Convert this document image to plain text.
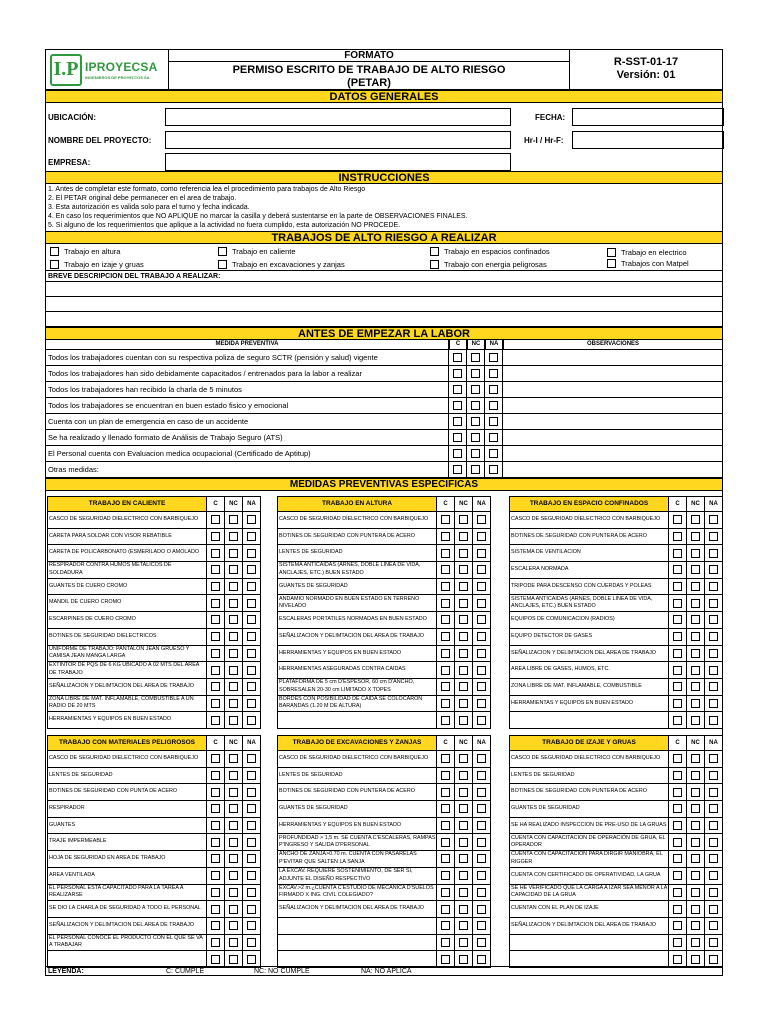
I.P IPROYECSA
INGENIEROS DE PROYECTOS SA
FORMATO
PERMISO ESCRITO DE TRABAJO DE ALTO RIESGO
(PETAR)
R-SST-01-17
Versión: 01
DATOS GENERALES
UBICACIÓN:	FECHA:
NOMBRE DEL PROYECTO:	Hr-I / Hr-F:
EMPRESA:
INSTRUCCIONES
1. Antes de completar este formato, como referencia lea el procedimiento para trabajos de Alto Riesgo
2. El PETAR original debe permanecer en el area de trabajo.
3. Esta autorización es valida solo para el turno y fecha indicada.
4. En caso los requerimientos que NO APLIQUE no marcar la casilla y deberá sustentarse en la parte de OBSERVACIONES FINALES.
5. Si alguno de los requerimientos que aplique a la actividad no fuera cumplido, esta autorización NO PROCEDE.
TRABAJOS DE ALTO RIESGO A REALIZAR
Trabajo en altura	Trabajo en caliente	Trabajo en espacios confinados	Trabajo en electrico
Trabajo en izaje y gruas	Trabajo en excavaciones y zanjas	Trabajo con energia peligrosas	Trabajos con Matpel
BREVE DESCRIPCION DEL TRABAJO A REALIZAR:
ANTES DE EMPEZAR LA LABOR
MEDIDA PREVENTIVA	C	NC	NA	OBSERVACIONES
Todos los trabajadores cuentan con su respectiva poliza de seguro SCTR (pensión y salud) vigente
Todos los trabajadores han sido debidamente capacitados / entrenados para la labor a realizar
Todos los trabajadores han recibido la charla de 5 minutos
Todos los trabajadores se encuentran en buen estado fisico y emocional
Cuenta con un plan de emergencia en caso de un accidente
Se ha realizado y llenado formato de Análisis de Trabajo Seguro (ATS)
El Personal cuenta con Evaluacion medica ocupacional (Certificado de Aptitup)
Otras medidas:
MEDIDAS PREVENTIVAS ESPECIFICAS
TRABAJO EN CALIENTE	C	NC	NA
CASCO DE SEGURIDAD DIELECTRICO CON BARBIQUEJO
CARETA PARA SOLDAR CON VISOR REBATIBLE
CARETA DE POLICARBONATO (ESMERILADO O AMOLADO
RESPIRADOR CONTRA HUMOS METALICOS DE SOLDADURA
GUANTES DE CUERO CROMO
MANDIL DE CUERO CROMO
ESCARPINES DE CUERO CROMO
BOTINES DE SEGURIDAD DIELECTRICOS
UNIFORME DE TRABAJO: PANTALON JEAN GRUESO Y CAMISA JEAN MANGA LARGA
EXTINTOR DE PQS DE 6 KG UBICADO A 02 MTS DEL AREA DE TRABAJO
SEÑALIZACION Y DELIMTACION DEL AREA DE TRABAJO
ZONA LIBRE DE MAT. INFLAMABLE, COMBUSTIBLE A UN RADIO DE 20 MTS
HERRAMIENTAS Y EQUIPOS EN BUEN ESTADO
TRABAJO EN ALTURA	C	NC	NA
CASCO DE SEGURIDAD DIELECTRICO CON BARBIQUEJO
BOTINES DE SEGURIDAD CON PUNTERA DE ACERO
LENTES DE SEGURIDAD
SISTEMA ANTICAIDAS (ARNES, DOBLE LINEA DE VIDA, ANCLAJES, ETC.) BUEN ESTADO
GUANTES DE SEGURIDAD
ANDAMIO NORMADO EN BUEN ESTADO EN TERRENO NIVELADO
ESCALERAS PORTATILES NORMADAS EN BUEN ESTADO
SEÑALIZACION Y DELIMTACION DEL AREA DE TRABAJO
HERRAMIENTAS Y EQUIPOS EN BUEN ESTADO
HERRAMIENTAS ASEGURADAS CONTRA CAIDAS
PLATAFORMA DE 5 cm D'ESPESOR, 60 cm D'ANCHO, SOBRESALEN 20-30 cm LIMITADO X TOPES
BORDES CON POSIBILIDAD DE CAIDA SE COLOCARON BARANDAS (1.20 M DE ALTURA)
TRABAJO EN ESPACIO CONFINADOS	C	NC	NA
CASCO DE SEGURIDAD DIELECTRICO CON BARBIQUEJO
BOTINES DE SEGURIDAD CON PUNTERA DE ACERO
SISTEMA DE VENTILACION
ESCALERA NORMADA
TRIPODE PARA DESCENSO CON CUERDAS Y POLEAS
SISTEMA ANTICAIDAS (ARNES, DOBLE LINEA DE VIDA, ANCLAJES, ETC.) BUEN ESTADO
EQUIPOS DE COMUNICACION (RADIOS)
EQUIPO DETECTOR DE GASES
SEÑALIZACION Y DELIMTACION DEL AREA DE TRABAJO
AREA LIBRE DE GASES, HUMOS, ETC.
ZONA LIBRE DE MAT. INFLAMABLE, COMBUSTIBLE
HERRAMIENTAS Y EQUIPOS EN BUEN ESTADO
TRABAJO CON MATERIALES PELIGROSOS	C	NC	NA
CASCO DE SEGURIDAD DIELECTRICO CON BARBIQUEJO
LENTES DE SEGURIDAD
BOTINES DE SEGURIDAD CON PUNTA DE ACERO
RESPIRADOR
GUANTES
TRAJE IMPERMEABLE
HOJA DE SEGURIDAD EN AREA DE TRABAJO
AREA VENTILADA
EL PERSONAL ESTA CAPACITADO PARA LA TAREA A REALIZARSE
SE DIO LA CHARLA DE SEGURIDAD A TODO EL PERSONAL
SEÑALIZACION Y DELIMTACION DEL AREA DE TRABAJO
EL PERSONAL CONOCE EL PRODUCTO CON EL QUE SE VA A TRABAJAR
TRABAJO DE EXCAVACIONES Y ZANJAS	C	NC	NA
CASCO DE SEGURIDAD DIELECTRICO CON BARBIQUEJO
LENTES DE SEGURIDAD
BOTINES DE SEGURIDAD CON PUNTERA DE ACERO
GUANTES DE SEGURIDAD
HERRAMIENTAS Y EQUIPOS EN BUEN ESTADO
PROFUNDIDAD > 1,5 m. SE CUENTA C'ESCALERAS, RAMPAS P'INGRESO Y SALIDA D'PERSONAL
ANCHO DE ZANJA>0.70 m. CUENTA CON PASARELAS P'EVITAR QUE SALTEN LA SANJA
LA EXCAV. REQUIERE SOSTENIMIENTO, DE SER SI, ADJUNTE EL DISEÑO RESPECTIVO
EXCAV.>2 m.¿CUENTA C'ESTUDIO DE MECANICA D'SUELOS FIRMADO X ING. CIVIL COLEGIADO?
SEÑALIZACION Y DELIMTACION DEL AREA DE TRABAJO
TRABAJO DE IZAJE Y GRUAS	C	NC	NA
CASCO DE SEGURIDAD DIELECTRICO CON BARBIQUEJO
LENTES DE SEGURIDAD
BOTINES DE SEGURIDAD CON PUNTERA DE ACERO
GUANTES DE SEGURIDAD
SE HA REALIZADO INSPECCION DE PRE-USO DE LA GRUAS
CUENTA CON CAPACITACION DE OPERACIÓN DE GRUA, EL OPERADOR
CUENTA CON CAPACITACION PARA DIRGIR MANIOBRA, EL RIGGER
CUENTA CON CERTIFICADO DE OPERATIVIDAD, LA GRUA
SE HE VERIFICADO QUE LA CARGA A IZAR SEA MENOR A LA CAPACIDAD DE LA GRUA
CUENTAN CON EL PLAN DE IZAJE
SEÑALIZACION Y DELIMTACION DEL AREA DE TRABAJO
LEYENDA:	C: CUMPLE	NC: NO CUMPLE	NA: NO APLICA
